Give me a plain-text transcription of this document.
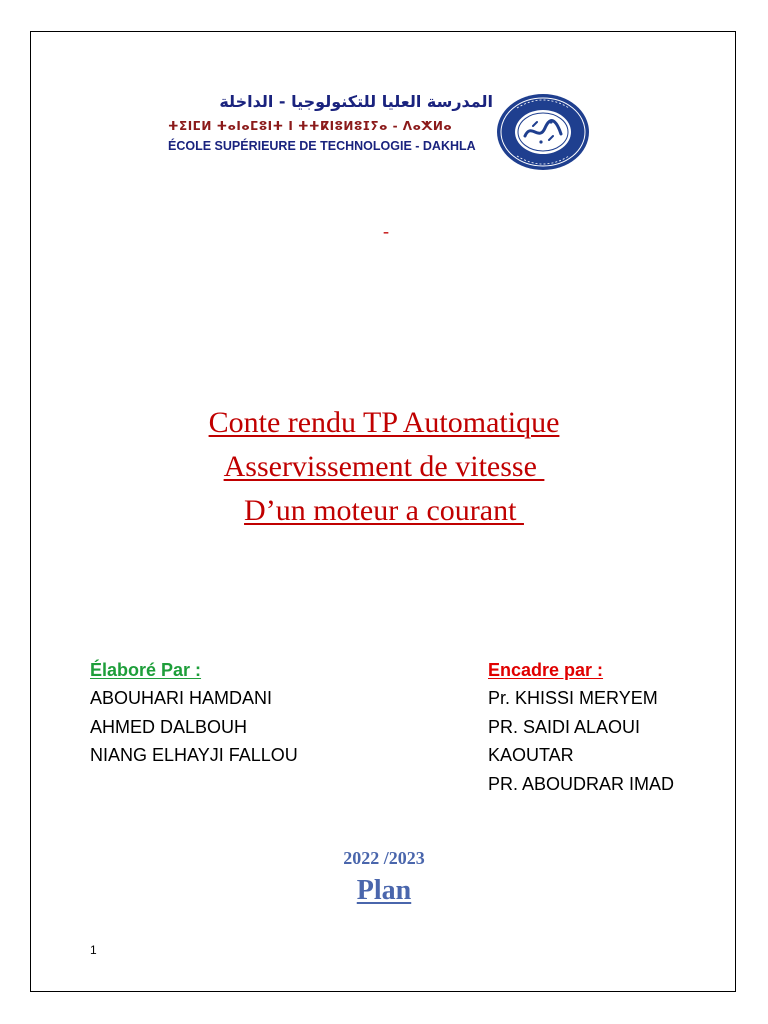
المدرسة العليا للتكنولوجيا - الداخلة
ⵜⵉⵏⵎⵍ ⵜⴰⵏⴰⵎⵓⵏⵜ ⵏ ⵜⵜⴽⵏⵓⵍⵓⵊⵢⴰ - ⴷⴰⵅⵍⴰ
ÉCOLE SUPÉRIEURE DE TECHNOLOGIE - DAKHLA
-
Conte rendu TP Automatique
Asservissement de vitesse
D’un moteur a courant
Élaboré Par :
ABOUHARI HAMDANI
AHMED DALBOUH
NIANG ELHAYJI FALLOU
Encadre par :
Pr. KHISSI MERYEM
PR. SAIDI ALAOUI
KAOUTAR
PR. ABOUDRAR IMAD
2022 /2023
Plan
1
